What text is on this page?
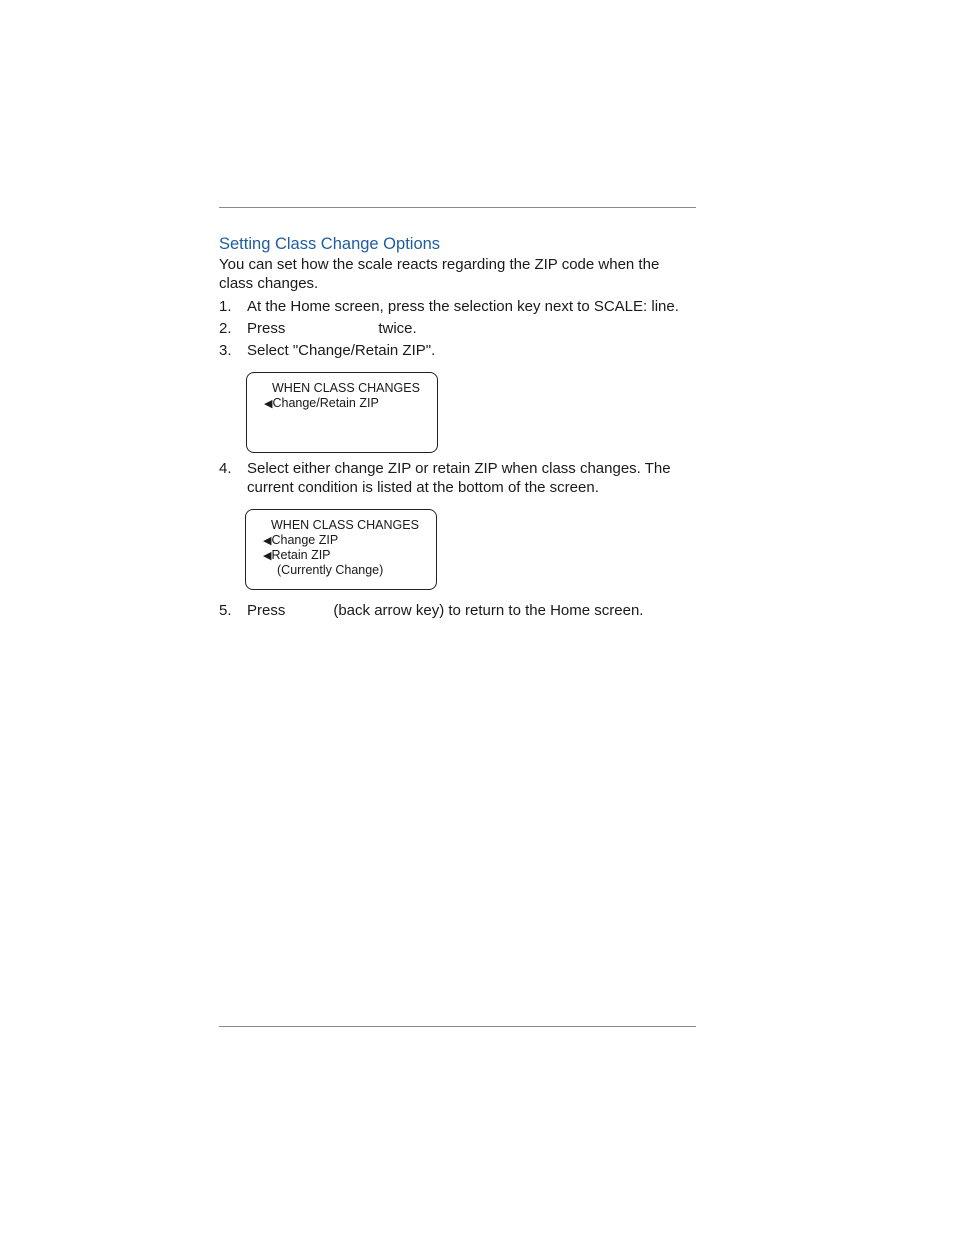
Setting Class Change Options
You can set how the scale reacts regarding the ZIP code when the class changes.
1. At the Home screen, press the selection key next to SCALE: line.
2. Press	twice.
3. Select "Change/Retain ZIP".
WHEN CLASS CHANGES
◀Change/Retain ZIP
4. Select either change ZIP or retain ZIP when class changes. The current condition is listed at the bottom of the screen.
WHEN CLASS CHANGES
◀Change ZIP
◀Retain ZIP
(Currently Change)
5. Press	(back arrow key) to return to the Home screen.
